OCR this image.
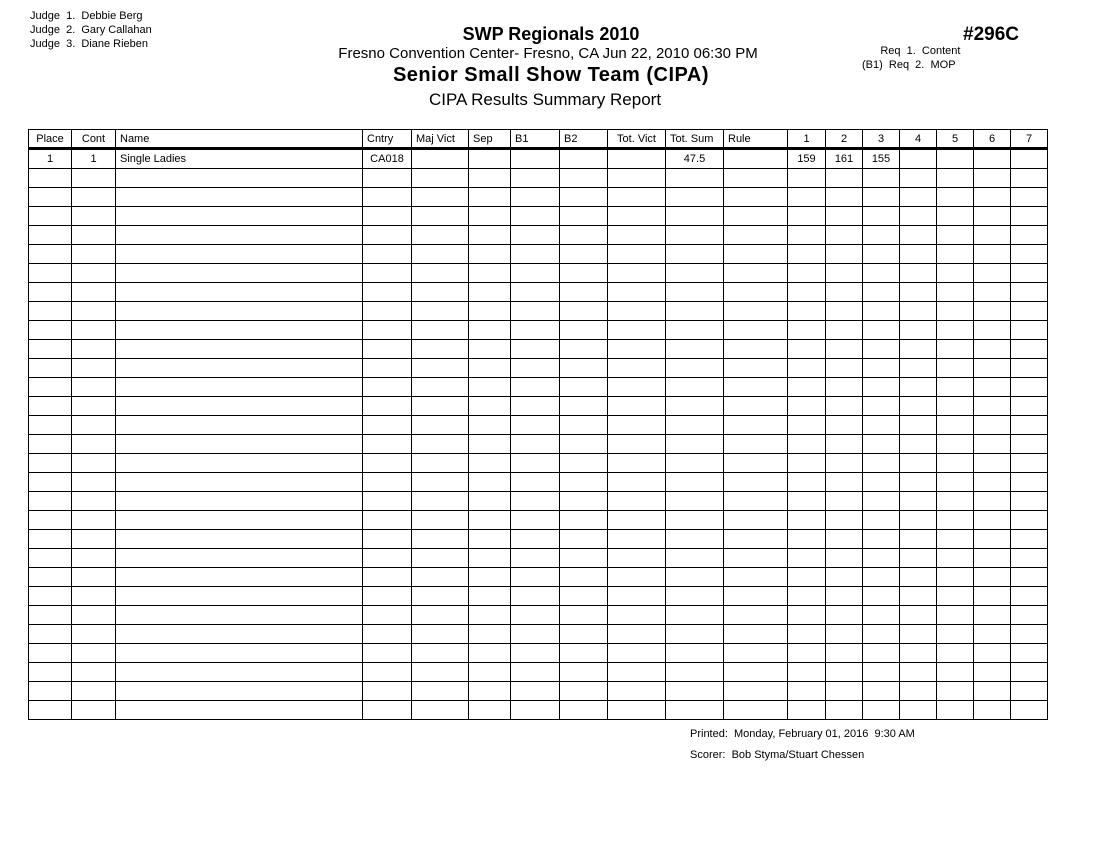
Judge  1.  Debbie Berg
Judge  2.  Gary Callahan
Judge  3.  Diane Rieben	SWP Regionals 2010
Fresno Convention Center- Fresno, CA Jun 22, 2010 06:30 PM
Senior Small Show Team (CIPA)
CIPA Results Summary Report
#296C
Req  1.  Content
(B1)  Req  2.  MOP
Place	Cont	Name	Cntry	Maj Vict	Sep	B1	B2	Tot. Vict	Tot. Sum	Rule	1	2	3	4	5	6	7
1	1	Single Ladies	CA018						47.5		159	161	155				

Printed:  Monday, February 01, 2016  9:30 AM
Scorer:  Bob Styma/Stuart Chessen
